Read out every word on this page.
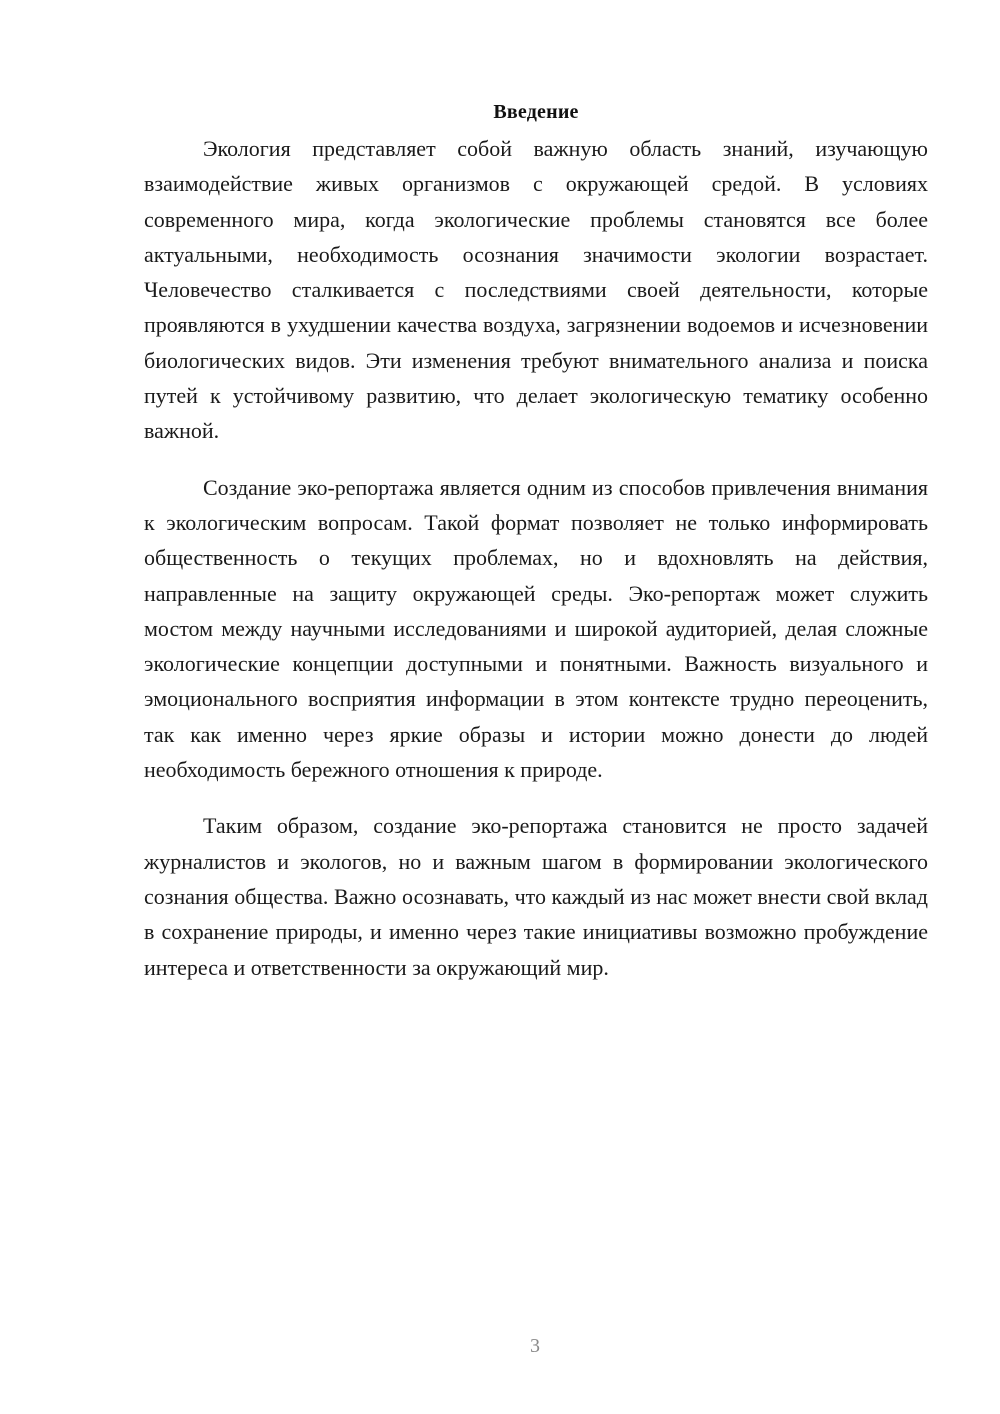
Введение

Экология представляет собой важную область знаний, изучающую взаимодействие живых организмов с окружающей средой. В условиях современного мира, когда экологические проблемы становятся все более актуальными, необходимость осознания значимости экологии возрастает. Человечество сталкивается с последствиями своей деятельности, которые проявляются в ухудшении качества воздуха, загрязнении водоемов и исчезновении биологических видов. Эти изменения требуют внимательного анализа и поиска путей к устойчивому развитию, что делает экологическую тематику особенно важной.

Создание эко-репортажа является одним из способов привлечения внимания к экологическим вопросам. Такой формат позволяет не только информировать общественность о текущих проблемах, но и вдохновлять на действия, направленные на защиту окружающей среды. Эко-репортаж может служить мостом между научными исследованиями и широкой аудиторией, делая сложные экологические концепции доступными и понятными. Важность визуального и эмоционального восприятия информации в этом контексте трудно переоценить, так как именно через яркие образы и истории можно донести до людей необходимость бережного отношения к природе.

Таким образом, создание эко-репортажа становится не просто задачей журналистов и экологов, но и важным шагом в формировании экологического сознания общества. Важно осознавать, что каждый из нас может внести свой вклад в сохранение природы, и именно через такие инициативы возможно пробуждение интереса и ответственности за окружающий мир.

3
